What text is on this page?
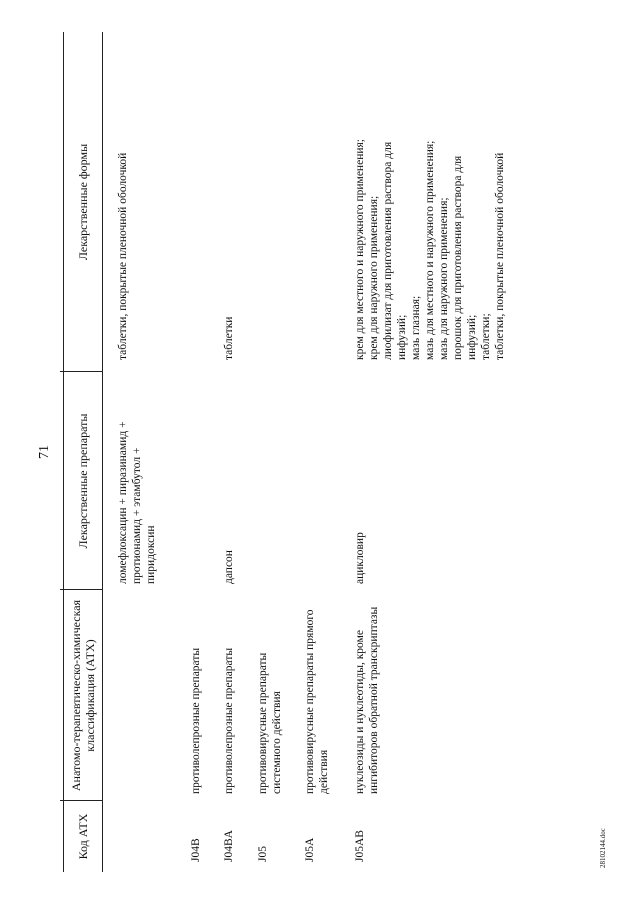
71
Код АТХ
Анатомо-терапевтическо-химическая классификация (АТХ)
Лекарственные препараты
Лекарственные формы
ломефлоксацин + пиразинамид + протионамид + этамбутол + пиридоксин
таблетки, покрытые пленочной оболочкой
J04B
противолепрозные препараты
J04BA
противолепрозные препараты
дапсон
таблетки
J05
противовирусные препараты системного действия
J05A
противовирусные препараты прямого действия
J05AB
нуклеозиды и нуклеотиды, кроме ингибиторов обратной транскриптазы
ацикловир
крем для местного и наружного применения; крем для наружного применения; лиофилизат для приготовления раствора для инфузий; мазь глазная; мазь для местного и наружного применения; мазь для наружного применения; порошок для приготовления раствора для инфузий; таблетки; таблетки, покрытые пленочной оболочкой
28102144.doc
